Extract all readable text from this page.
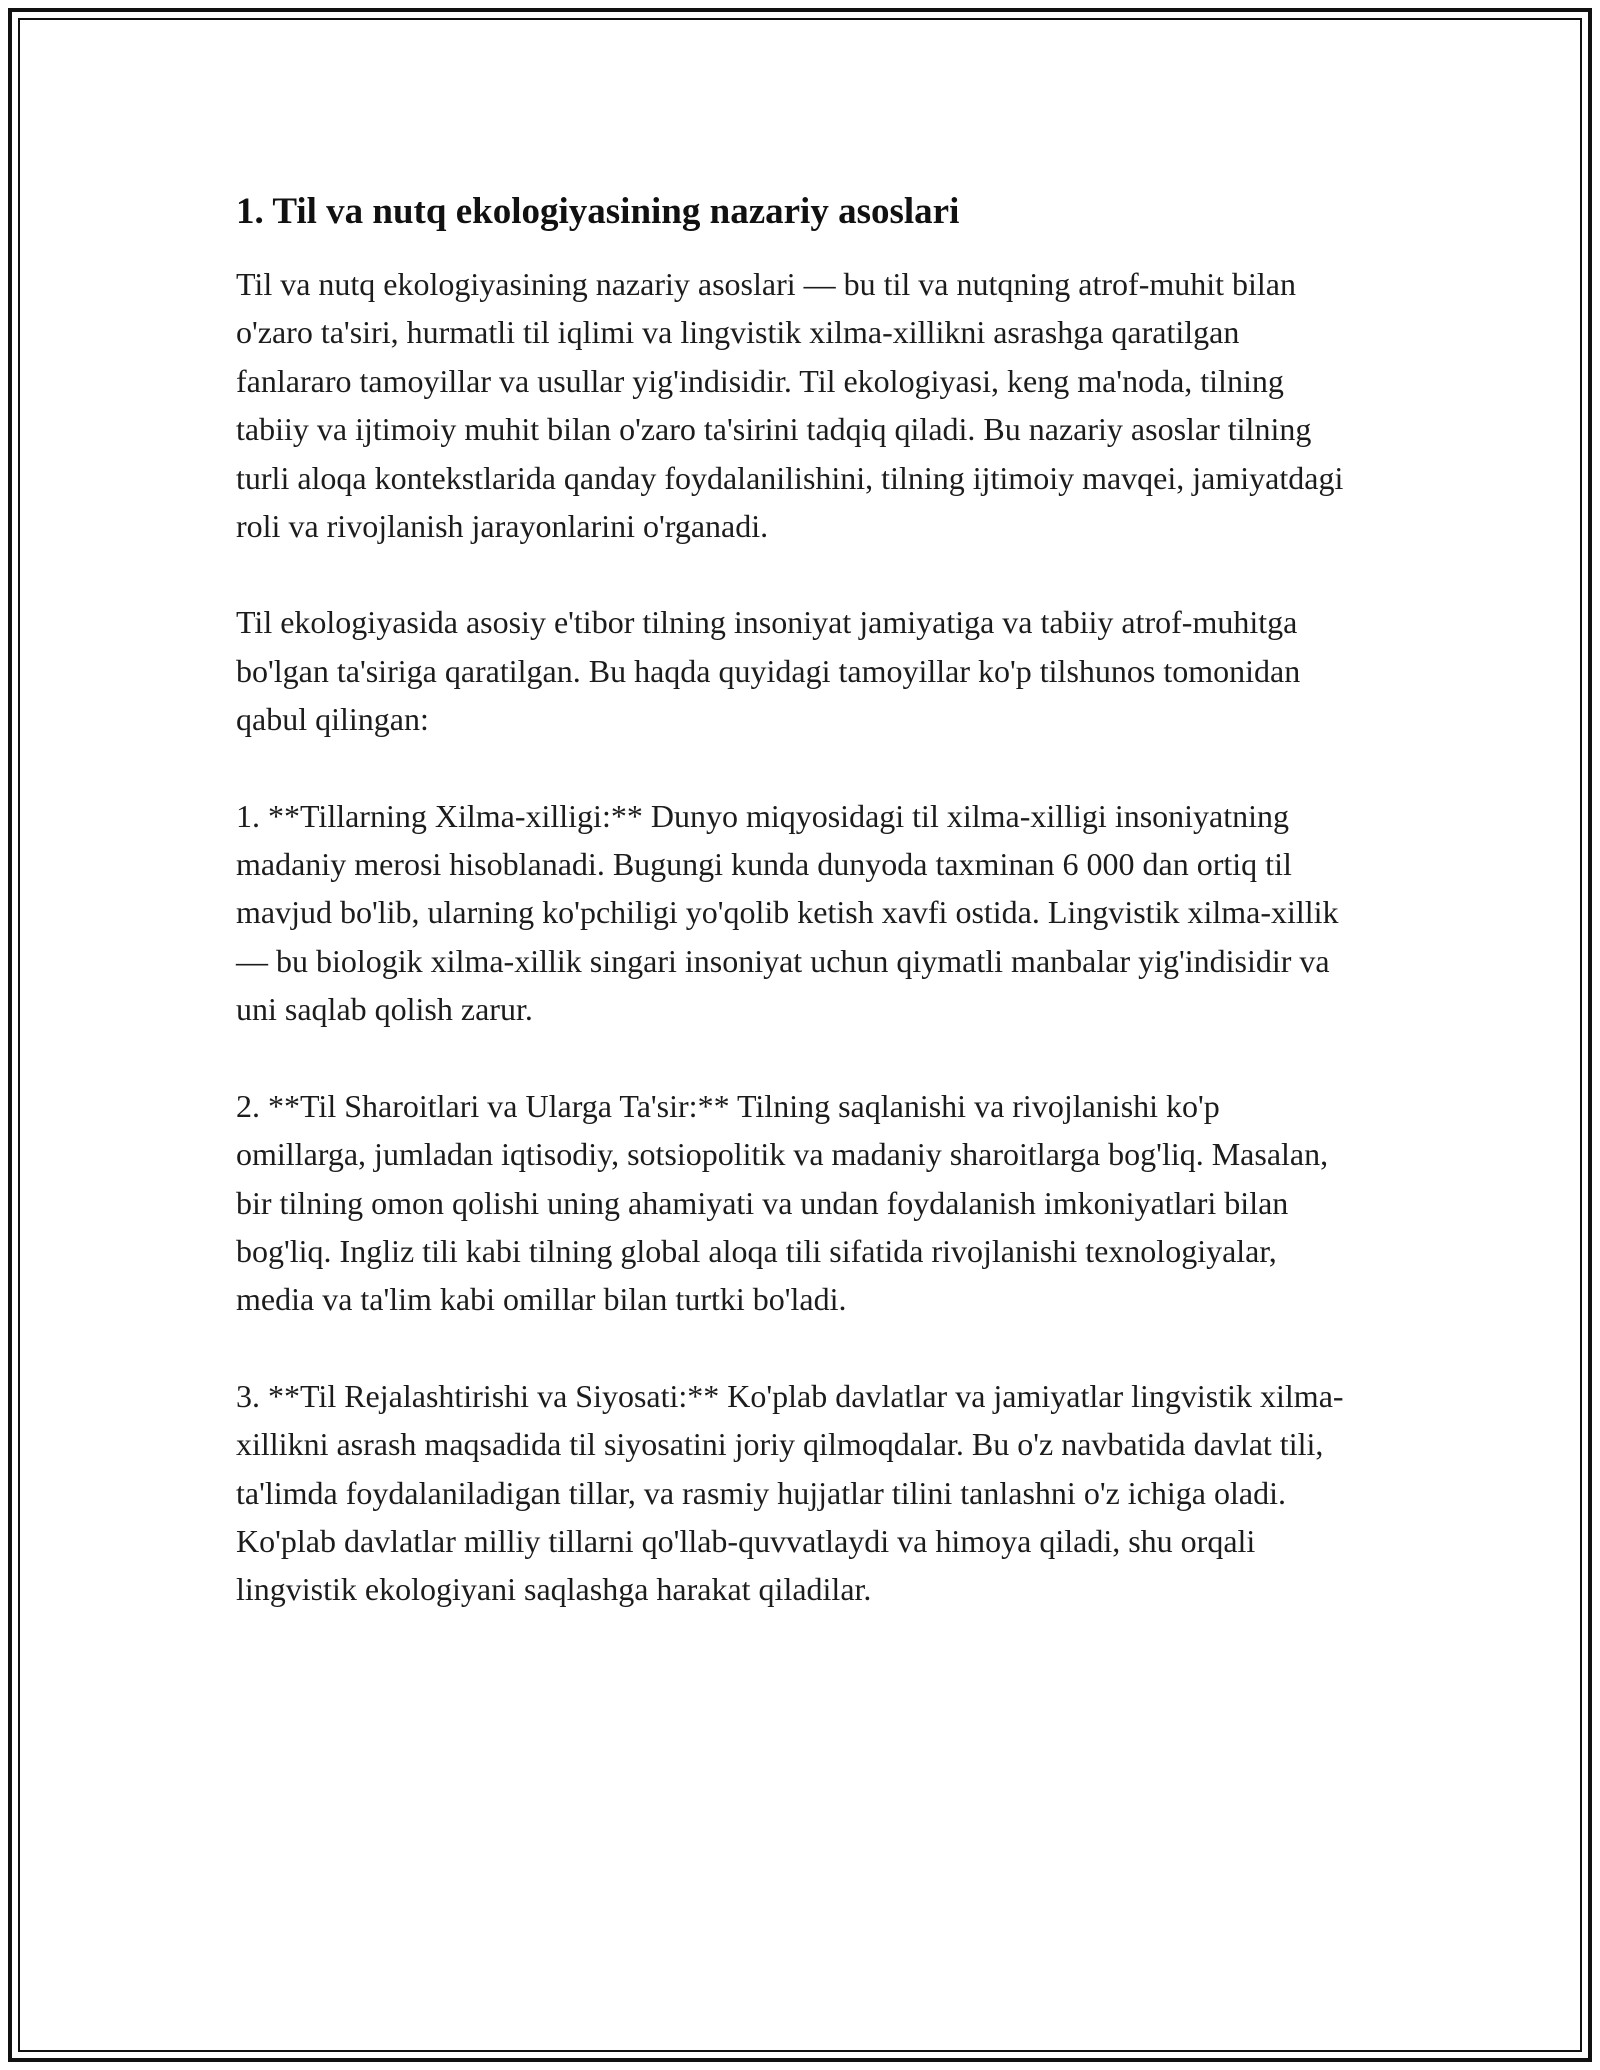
1. Til va nutq ekologiyasining nazariy asoslari

Til va nutq ekologiyasining nazariy asoslari — bu til va nutqning atrof-muhit bilan o'zaro ta'siri, hurmatli til iqlimi va lingvistik xilma-xillikni asrashga qaratilgan fanlararo tamoyillar va usullar yig'indisidir. Til ekologiyasi, keng ma'noda, tilning tabiiy va ijtimoiy muhit bilan o'zaro ta'sirini tadqiq qiladi. Bu nazariy asoslar tilning turli aloqa kontekstlarida qanday foydalanilishini, tilning ijtimoiy mavqei, jamiyatdagi roli va rivojlanish jarayonlarini o'rganadi.

Til ekologiyasida asosiy e'tibor tilning insoniyat jamiyatiga va tabiiy atrof-muhitga bo'lgan ta'siriga qaratilgan. Bu haqda quyidagi tamoyillar ko'p tilshunos tomonidan qabul qilingan:

1. **Tillarning Xilma-xilligi:** Dunyo miqyosidagi til xilma-xilligi insoniyatning madaniy merosi hisoblanadi. Bugungi kunda dunyoda taxminan 6 000 dan ortiq til mavjud bo'lib, ularning ko'pchiligi yo'qolib ketish xavfi ostida. Lingvistik xilma-xillik — bu biologik xilma-xillik singari insoniyat uchun qiymatli manbalar yig'indisidir va uni saqlab qolish zarur.

2. **Til Sharoitlari va Ularga Ta'sir:** Tilning saqlanishi va rivojlanishi ko'p omillarga, jumladan iqtisodiy, sotsiopolitik va madaniy sharoitlarga bog'liq. Masalan, bir tilning omon qolishi uning ahamiyati va undan foydalanish imkoniyatlari bilan bog'liq. Ingliz tili kabi tilning global aloqa tili sifatida rivojlanishi texnologiyalar, media va ta'lim kabi omillar bilan turtki bo'ladi.

3. **Til Rejalashtirishi va Siyosati:** Ko'plab davlatlar va jamiyatlar lingvistik xilma-xillikni asrash maqsadida til siyosatini joriy qilmoqdalar. Bu o'z navbatida davlat tili, ta'limda foydalaniladigan tillar, va rasmiy hujjatlar tilini tanlashni o'z ichiga oladi. Ko'plab davlatlar milliy tillarni qo'llab-quvvatlaydi va himoya qiladi, shu orqali lingvistik ekologiyani saqlashga harakat qiladilar.
